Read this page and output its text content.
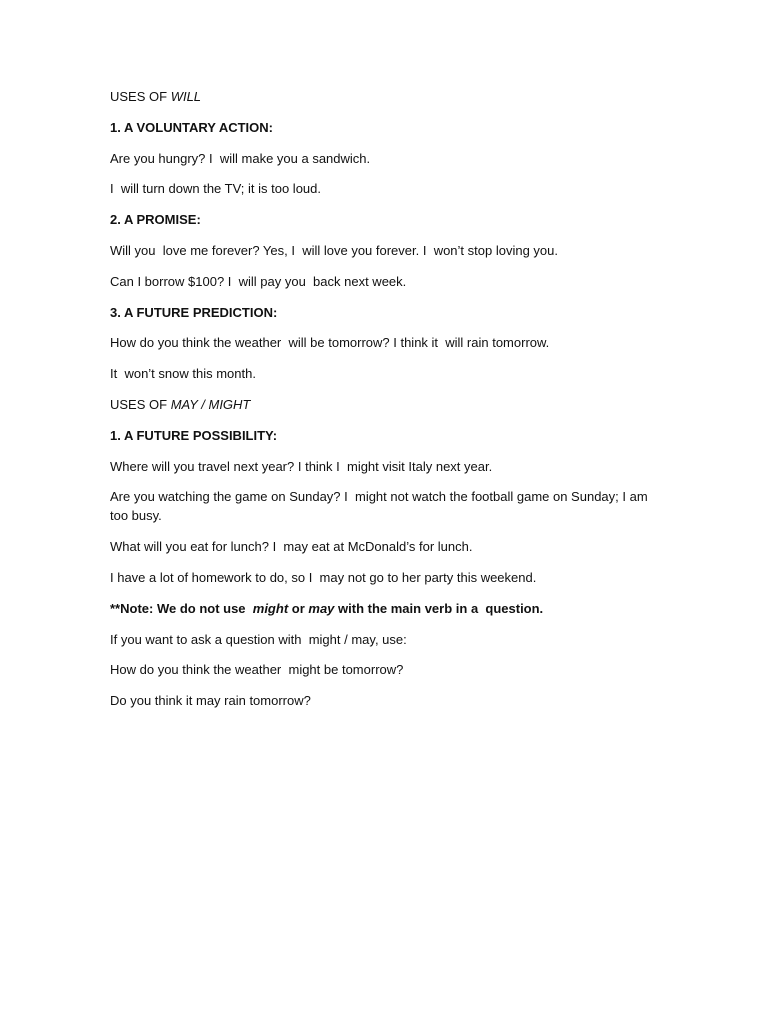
USES OF WILL

1. A VOLUNTARY ACTION:

Are you hungry? I  will make you a sandwich.

I  will turn down the TV; it is too loud.

2. A PROMISE:

Will you  love me forever? Yes, I  will love you forever. I  won’t stop loving you.

Can I borrow $100? I  will pay you  back next week.

3. A FUTURE PREDICTION:

How do you think the weather  will be tomorrow? I think it  will rain tomorrow.

It  won’t snow this month.

USES OF MAY / MIGHT

1. A FUTURE POSSIBILITY:

Where will you travel next year? I think I  might visit Italy next year.

Are you watching the game on Sunday? I  might not watch the football game on Sunday; I am too busy.

What will you eat for lunch? I  may eat at McDonald’s for lunch.

I have a lot of homework to do, so I  may not go to her party this weekend.

**Note: We do not use  might or may with the main verb in a  question.

If you want to ask a question with  might / may, use:

How do you think the weather  might be tomorrow?

Do you think it may rain tomorrow?
